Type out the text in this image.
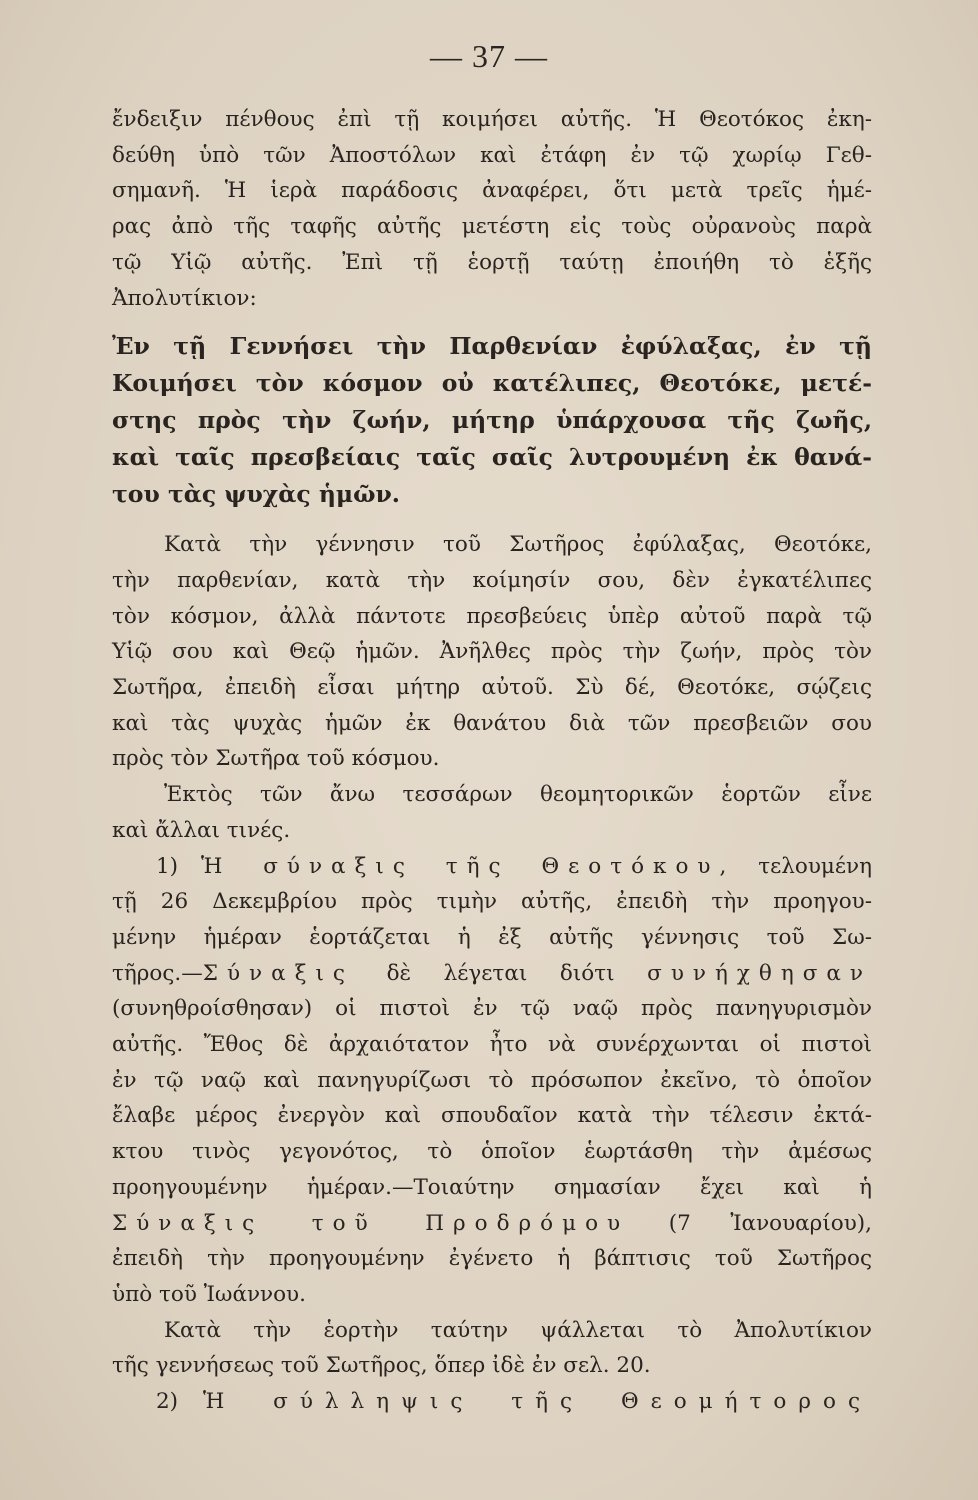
— 37 —
ἔνδειξιν πένθους ἐπὶ τῇ κοιμήσει αὐτῆς. Ἡ Θεοτόκος ἐκη-
δεύθη ὑπὸ τῶν Ἀποστόλων καὶ ἐτάφη ἐν τῷ χωρίῳ Γεθ-
σημανῆ. Ἡ ἱερὰ παράδοσις ἀναφέρει, ὅτι μετὰ τρεῖς ἡμέ-
ρας ἀπὸ τῆς ταφῆς αὐτῆς μετέστη εἰς τοὺς οὐρανοὺς παρὰ
τῷ Υἱῷ αὐτῆς. Ἐπὶ τῇ ἑορτῇ ταύτῃ ἐποιήθη τὸ ἑξῆς
Ἀπολυτίκιον:
Ἐν τῇ Γεννήσει τὴν Παρθενίαν ἐφύλαξας, ἐν τῇ
Κοιμήσει τὸν κόσμον οὐ κατέλιπες, Θεοτόκε, μετέ-
στης πρὸς τὴν ζωήν, μήτηρ ὑπάρχουσα τῆς ζωῆς,
καὶ ταῖς πρεσβείαις ταῖς σαῖς λυτρουμένη ἐκ θανά-
του τὰς ψυχὰς ἡμῶν.
Κατὰ τὴν γέννησιν τοῦ Σωτῆρος ἐφύλαξας, Θεοτόκε,
τὴν παρθενίαν, κατὰ τὴν κοίμησίν σου, δὲν ἐγκατέλιπες
τὸν κόσμον, ἀλλὰ πάντοτε πρεσβεύεις ὑπὲρ αὐτοῦ παρὰ τῷ
Υἱῷ σου καὶ Θεῷ ἡμῶν. Ἀνῆλθες πρὸς τὴν ζωήν, πρὸς τὸν
Σωτῆρα, ἐπειδὴ εἶσαι μήτηρ αὐτοῦ. Σὺ δέ, Θεοτόκε, σῴζεις
καὶ τὰς ψυχὰς ἡμῶν ἐκ θανάτου διὰ τῶν πρεσβειῶν σου
πρὸς τὸν Σωτῆρα τοῦ κόσμου.
Ἐκτὸς τῶν ἄνω τεσσάρων θεομητορικῶν ἑορτῶν εἶνε
καὶ ἄλλαι τινές.
1) Ἡ σύναξις τῆς Θεοτόκου, τελουμένη
τῇ 26 Δεκεμβρίου πρὸς τιμὴν αὐτῆς, ἐπειδὴ τὴν προηγου-
μένην ἡμέραν ἑορτάζεται ἡ ἐξ αὐτῆς γέννησις τοῦ Σω-
τῆρος.—Σύναξις δὲ λέγεται διότι συνήχθησαν
(συνηθροίσθησαν) οἱ πιστοὶ ἐν τῷ ναῷ πρὸς πανηγυρισμὸν
αὐτῆς. Ἔθος δὲ ἀρχαιότατον ἦτο νὰ συνέρχωνται οἱ πιστοὶ
ἐν τῷ ναῷ καὶ πανηγυρίζωσι τὸ πρόσωπον ἐκεῖνο, τὸ ὁποῖον
ἔλαβε μέρος ἐνεργὸν καὶ σπουδαῖον κατὰ τὴν τέλεσιν ἐκτά-
κτου τινὸς γεγονότος, τὸ ὁποῖον ἑωρτάσθη τὴν ἀμέσως
προηγουμένην ἡμέραν.—Τοιαύτην σημασίαν ἔχει καὶ ἡ
Σύναξις τοῦ Προδρόμου (7 Ἰανουαρίου),
ἐπειδὴ τὴν προηγουμένην ἐγένετο ἡ βάπτισις τοῦ Σωτῆρος
ὑπὸ τοῦ Ἰωάννου.
Κατὰ τὴν ἑορτὴν ταύτην ψάλλεται τὸ Ἀπολυτίκιον
τῆς γεννήσεως τοῦ Σωτῆρος, ὅπερ ἰδὲ ἐν σελ. 20.
2) Ἡ σύλληψις τῆς Θεομήτορος
